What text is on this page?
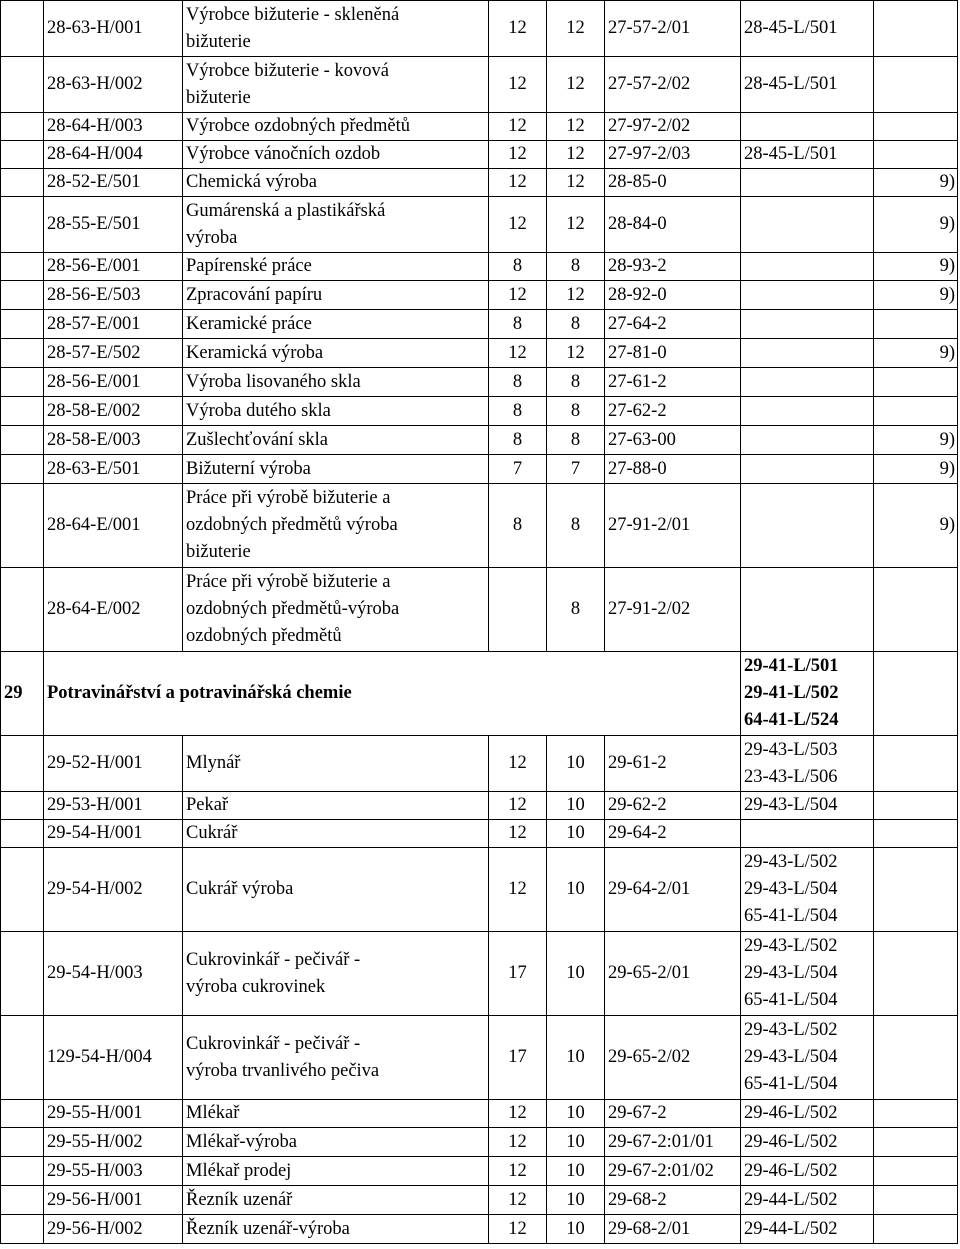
	28-63-H/001	Výrobce bižuterie - skleněná
bižuterie	12	12	27-57-2/01	28-45-L/501	

	28-63-H/002	Výrobce bižuterie - kovová
bižuterie	12	12	27-57-2/02	28-45-L/501	

	28-64-H/003	Výrobce ozdobných předmětů	12	12	27-97-2/02		
	28-64-H/004	Výrobce vánočních ozdob	12	12	27-97-2/03	28-45-L/501	

	28-52-E/501	Chemická výroba	12	12	28-85-0		9)
	28-55-E/501	Gumárenská a plastikářská
výroba	12	12	28-84-0		9)
	28-56-E/001	Papírenské práce	8	8	28-93-2		9)
	28-56-E/503	Zpracování papíru	12	12	28-92-0		9)
	28-57-E/001	Keramické práce	8	8	27-64-2		
	28-57-E/502	Keramická výroba	12	12	27-81-0		9)
	28-56-E/001	Výroba lisovaného skla	8	8	27-61-2		
	28-58-E/002	Výroba dutého skla	8	8	27-62-2		
	28-58-E/003	Zušlechťování skla	8	8	27-63-00		9)
	28-63-E/501	Bižuterní výroba	7	7	27-88-0		9)
	28-64-E/001	Práce při výrobě bižuterie a
ozdobných předmětů výroba
bižuterie	8	8	27-91-2/01		9)
	28-64-E/002	Práce při výrobě bižuterie a
ozdobných předmětů-výroba
ozdobných předmětů		8	27-91-2/02		
29	Potravinářství a potravinářská chemie					29-41-L/501
29-41-L/502
64-41-L/524	

	29-52-H/001	Mlynář	12	10	29-61-2	29-43-L/503
23-43-L/506	

	29-53-H/001	Pekař	12	10	29-62-2	29-43-L/504	

	29-54-H/001	Cukrář	12	10	29-64-2		
	29-54-H/002	Cukrář výroba	12	10	29-64-2/01	29-43-L/502
29-43-L/504
65-41-L/504	

	29-54-H/003	Cukrovinkář - pečivář -
výroba cukrovinek	17	10	29-65-2/01	29-43-L/502
29-43-L/504
65-41-L/504	

	129-54-H/004	Cukrovinkář - pečivář -
výroba trvanlivého pečiva	17	10	29-65-2/02	29-43-L/502
29-43-L/504
65-41-L/504	

	29-55-H/001	Mlékař	12	10	29-67-2	29-46-L/502	

	29-55-H/002	Mlékař-výroba	12	10	29-67-2:01/01	29-46-L/502	

	29-55-H/003	Mlékař prodej	12	10	29-67-2:01/02	29-46-L/502	

	29-56-H/001	Řezník uzenář	12	10	29-68-2	29-44-L/502	

	29-56-H/002	Řezník uzenář-výroba	12	10	29-68-2/01	29-44-L/502	
